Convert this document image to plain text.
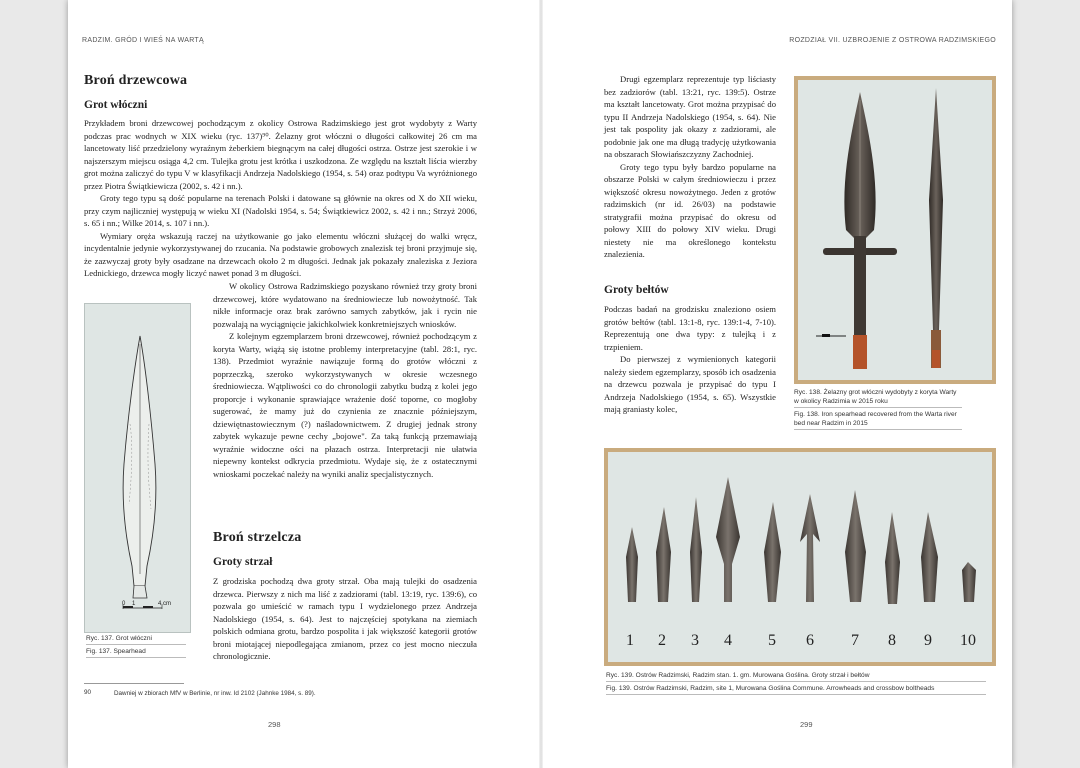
RADZIM. GRÓD I WIEŚ NA WARTĄ
Broń drzewcowa
Grot włóczni

Przykładem broni drzewcowej pochodzącym z okolicy Ostrowa Radzimskiego jest grot wydobyty z Warty podczas prac wodnych w XIX wieku (ryc. 137)⁹⁰. Żelazny grot włóczni o długości całkowitej 26 cm ma lancetowaty liść przedzielony wyraźnym żeberkiem biegnącym na całej długości ostrza. Ostrze jest szerokie i w najszerszym miejscu osiąga 4,2 cm. Tulejka grotu jest krótka i uszkodzona. Ze względu na kształt liścia wierzby grot można zaliczyć do typu V w klasyfikacji Andrzeja Nadolskiego (1954, s. 54) oraz podtypu Va wyróżnionego przez Piotra Świątkiewicza (2002, s. 42 i nn.).

Groty tego typu są dość popularne na terenach Polski i datowane są głównie na okres od X do XII wieku, przy czym najliczniej występują w wieku XI (Nadolski 1954, s. 54; Świątkiewicz 2002, s. 42 i nn.; Strzyż 2006, s. 65 i nn.; Wilke 2014, s. 107 i nn.).

Wymiary oręża wskazują raczej na użytkowanie go jako elementu włóczni służącej do walki wręcz, incydentalnie jedynie wykorzystywanej do rzucania. Na podstawie grobowych znalezisk tej broni przyjmuje się, że zazwyczaj groty były osadzane na drzewcach około 2 m długości. Jednak jak pokazały znaleziska z Jeziora Lednickiego, drzewca mogły liczyć nawet ponad 3 m długości.

W okolicy Ostrowa Radzimskiego pozyskano również trzy groty broni drzewcowej, które wydatowano na średniowiecze lub nowożytność. Tak nikłe informacje oraz brak zarówno samych zabytków, jak i rycin nie pozwalają na wyciągnięcie jakichkolwiek konkretniejszych wniosków.

Z kolejnym egzemplarzem broni drzewcowej, również pochodzącym z koryta Warty, wiążą się istotne problemy interpretacyjne (tabl. 28:1, ryc. 138). Przedmiot wyraźnie nawiązuje formą do grotów włóczni z poprzeczką, szeroko wykorzystywanych w okresie wczesnego średniowiecza. Wątpliwości co do chronologii zabytku budzą z kolei jego proporcje i wykonanie sprawiające wrażenie dość toporne, co mogłoby sugerować, że mamy już do czynienia ze znacznie późniejszym, dziewiętnastowiecznym (?) naśladownictwem. Z drugiej jednak strony zabytek wykazuje pewne cechy „bojowe". Za taką funkcją przemawiają wyraźnie widoczne ości na płazach ostrza. Interpretacji nie ułatwia niepewny kontekst odkrycia przedmiotu. Wydaje się, że z ostatecznymi wnioskami poczekać należy na wyniki analiz specjalistycznych.

Broń strzelcza
Groty strzał

Z grodziska pochodzą dwa groty strzał. Oba mają tulejki do osadzenia drzewca. Pierwszy z nich ma liść z zadziorami (tabl. 13:19, ryc. 139:6), co pozwala go umieścić w ramach typu I wydzielonego przez Andrzeja Nadolskiego (1954, s. 64). Jest to najczęściej spotykana na ziemiach polskich odmiana grotu, bardzo pospolita i jak większość kategorii grotów broni miotającej niepodlegająca zmianom, przez co jest mocno nieczuła chronologicznie.

0 1	4 cm
Ryc. 137. Grot włóczni
Fig. 137. Spearhead
90	Dawniej w zbiorach MfV w Berlinie, nr inw. Id 2102 (Jahnke 1984, s. 89).
298
ROZDZIAŁ VII. UZBROJENIE Z OSTROWA RADZIMSKIEGO

Drugi egzemplarz reprezentuje typ liściasty bez zadziorów (tabl. 13:21, ryc. 139:5). Ostrze ma kształt lancetowaty. Grot można przypisać do typu II Andrzeja Nadolskiego (1954, s. 64). Nie jest tak pospolity jak okazy z zadziorami, ale podobnie jak one ma długą tradycję użytkowania na obszarach Słowiańszczyzny Zachodniej.

Groty tego typu były bardzo popularne na obszarze Polski w całym średniowieczu i przez większość okresu nowożytnego. Jeden z grotów radzimskich (nr id. 26/03) na podstawie stratygrafii można przypisać do okresu od połowy XIII do połowy XIV wieku. Drugi niestety nie ma określonego kontekstu znalezienia.

Groty bełtów

Podczas badań na grodzisku znaleziono osiem grotów bełtów (tabl. 13:1-8, ryc. 139:1-4, 7-10). Reprezentują one dwa typy: z tulejką i z trzpieniem.

Do pierwszej z wymienionych kategorii należy siedem egzemplarzy, sposób ich osadzenia na drzewcu pozwala je przypisać do typu I Andrzeja Nadolskiego (1954, s. 65). Wszystkie mają graniasty kolec,

Ryc. 138. Żelazny grot włóczni wydobyty z koryta Warty w okolicy Radzimia w 2015 roku
Fig. 138. Iron spearhead recovered from the Warta river bed near Radzim in 2015
1 2 3 4 5 6 7 8 9 10
Ryc. 139. Ostrów Radzimski, Radzim stan. 1. gm. Murowana Goślina. Groty strzał i bełtów
Fig. 139. Ostrów Radzimski, Radzim, site 1, Murowana Goślina Commune. Arrowheads and crossbow boltheads
299
